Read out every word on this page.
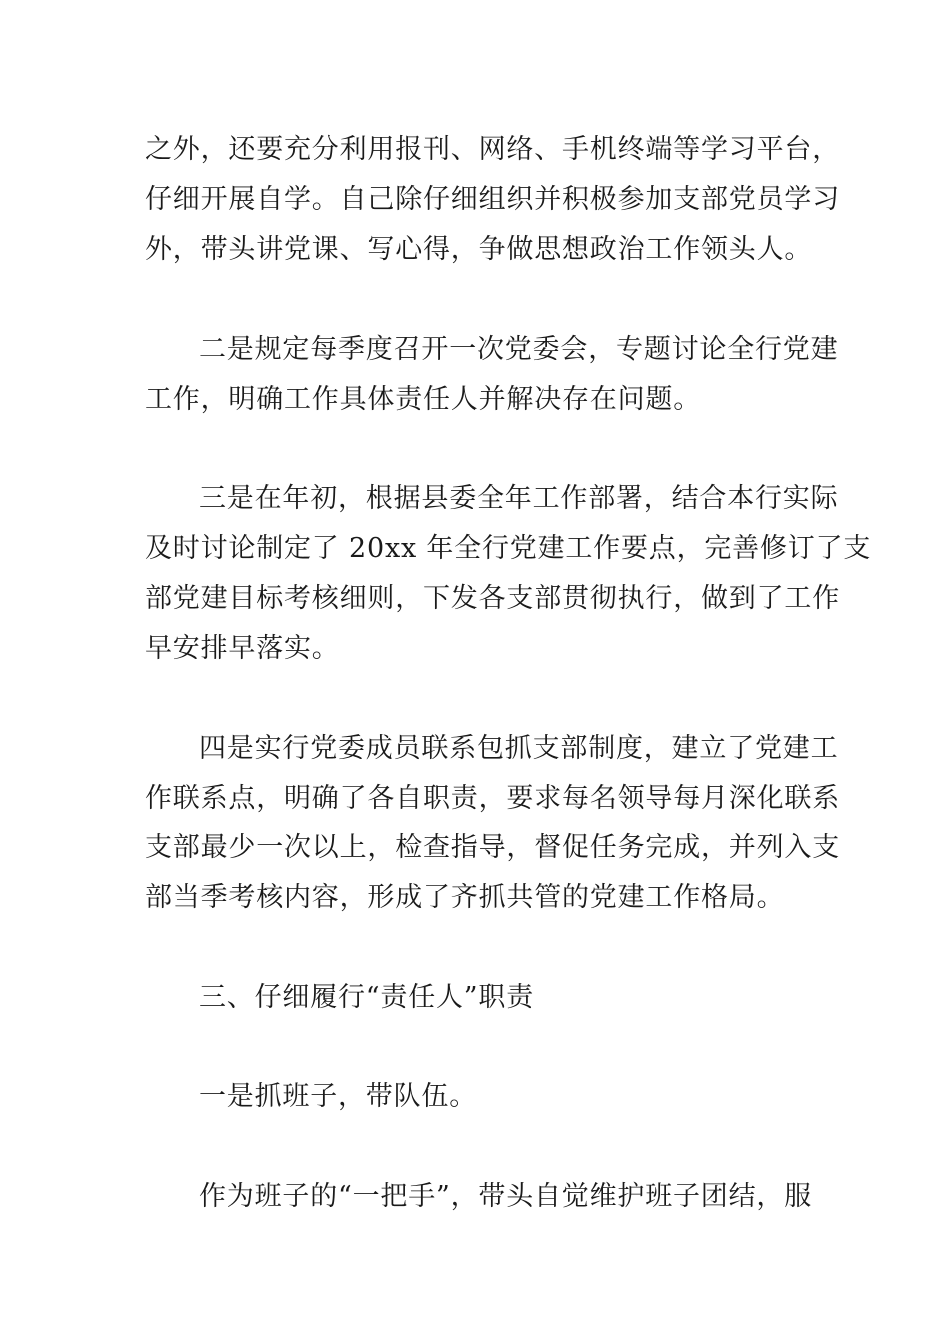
之外，还要充分利用报刊、网络、手机终端等学习平台，
仔细开展自学。自己除仔细组织并积极参加支部党员学习
外，带头讲党课、写心得，争做思想政治工作领头人。
二是规定每季度召开一次党委会，专题讨论全行党建
工作，明确工作具体责任人并解决存在问题。
三是在年初，根据县委全年工作部署，结合本行实际
及时讨论制定了 20xx 年全行党建工作要点，完善修订了支
部党建目标考核细则，下发各支部贯彻执行，做到了工作
早安排早落实。
四是实行党委成员联系包抓支部制度，建立了党建工
作联系点，明确了各自职责，要求每名领导每月深化联系
支部最少一次以上，检查指导，督促任务完成，并列入支
部当季考核内容，形成了齐抓共管的党建工作格局。
三、仔细履行“责任人”职责
一是抓班子，带队伍。
作为班子的“一把手”，带头自觉维护班子团结，服
